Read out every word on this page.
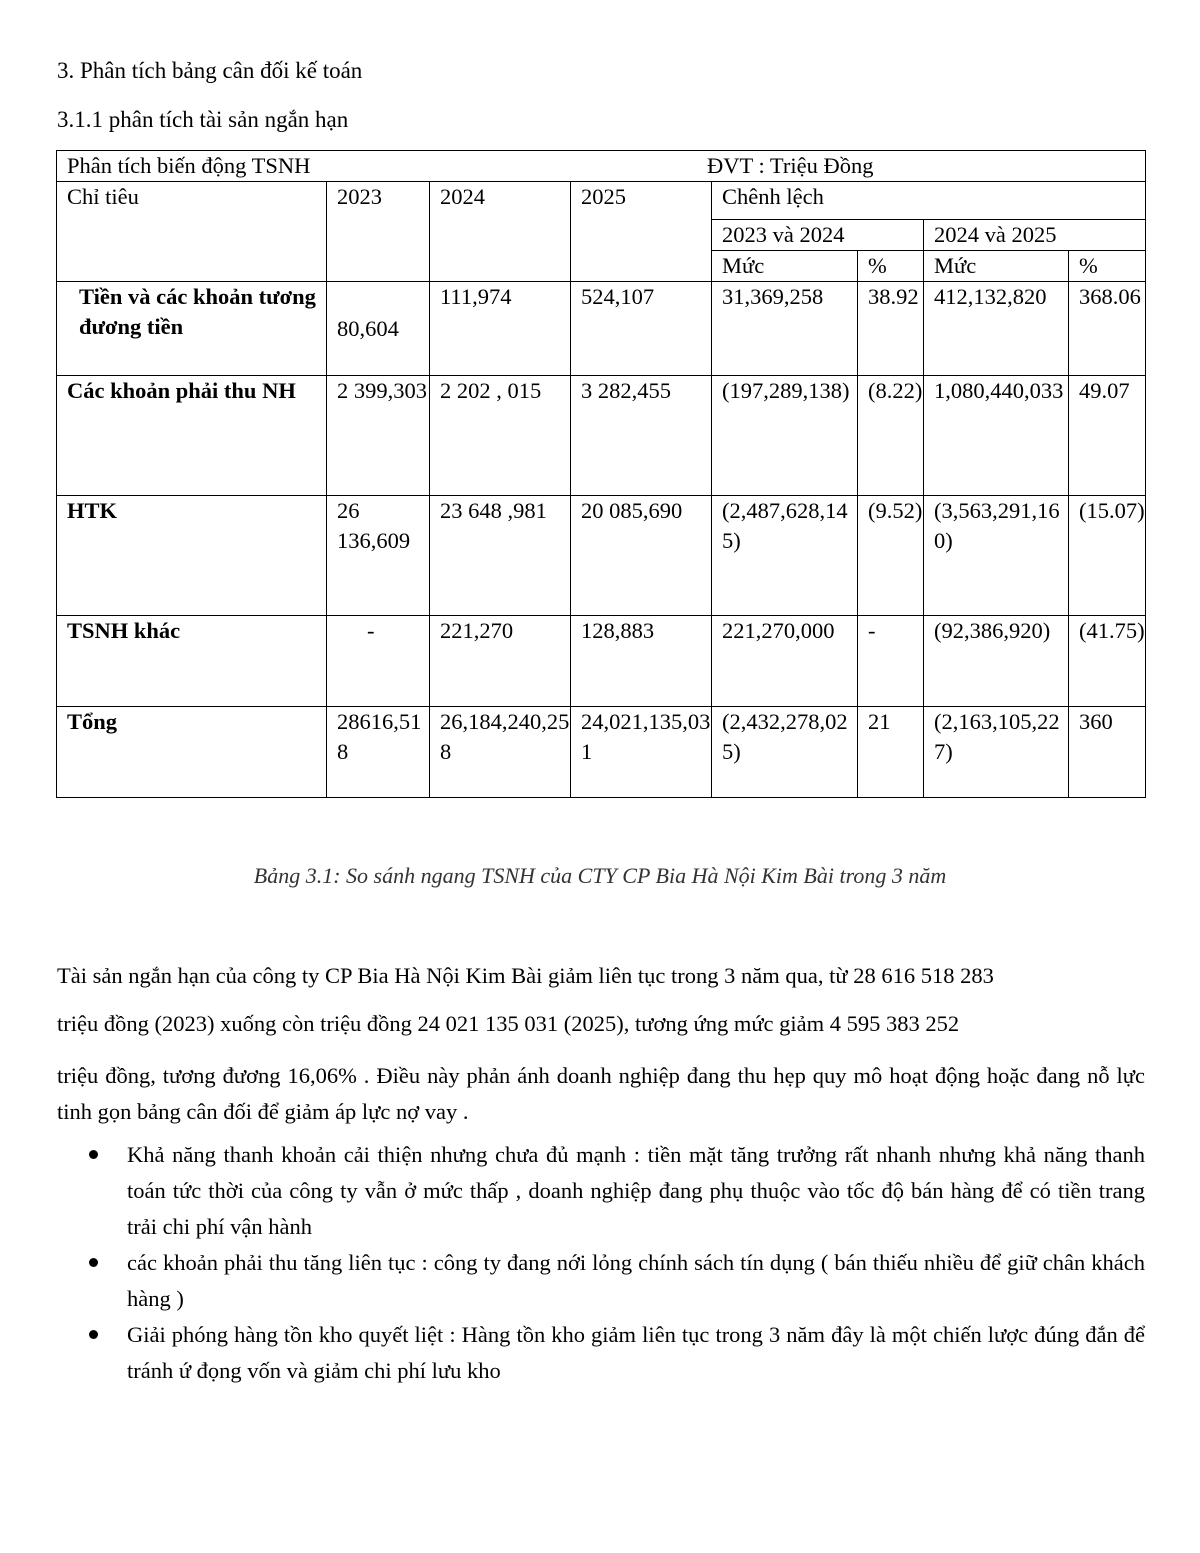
3. Phân tích bảng cân đối kế toán
3.1.1 phân tích tài sản ngắn hạn
Phân tích biến động TSNH ĐVT : Triệu Đồng							

Chỉ tiêu	2023	2024	2025	Chênh lệch			
				2023 và 2024		2024 và 2025	
				Mức	%	Mức	%
Tiền và các khoản tương đương tiền	80,604	111,974	524,107	31,369,258	38.92	412,132,820	368.06
Các khoản phải thu NH	2 399,303	2 202 , 015	3 282,455	(197,289,138)	(8.22)	1,080,440,033	49.07
HTK	26 136,609	23 648 ,981	20 085,690	(2,487,628,145)	(9.52)	(3,563,291,160)	(15.07)
TSNH khác	-	221,270	128,883	221,270,000	-	(92,386,920)	(41.75)
Tổng	28616,518	26,184,240,258	24,021,135,031	(2,432,278,025)	21	(2,163,105,227)	360
Bảng 3.1: So sánh ngang TSNH của CTY CP Bia Hà Nội Kim Bài trong 3 năm

Tài sản ngắn hạn của công ty CP Bia Hà Nội Kim Bài giảm liên tục trong 3 năm qua, từ 28 616 518 283

triệu đồng (2023) xuống còn triệu đồng 24 021 135 031 (2025), tương ứng mức giảm 4 595 383 252

triệu đồng, tương đương 16,06% . Điều này phản ánh doanh nghiệp đang thu hẹp quy mô hoạt động hoặc đang nỗ lực tinh gọn bảng cân đối để giảm áp lực nợ vay .

Khả năng thanh khoản cải thiện nhưng chưa đủ mạnh : tiền mặt tăng trưởng rất nhanh nhưng khả năng thanh toán tức thời của công ty vẫn ở mức thấp , doanh nghiệp đang phụ thuộc vào tốc độ bán hàng để có tiền trang trải chi phí vận hành
các khoản phải thu tăng liên tục : công ty đang nới lỏng chính sách tín dụng ( bán thiếu nhiều để giữ chân khách hàng )
Giải phóng hàng tồn kho quyết liệt : Hàng tồn kho giảm liên tục trong 3 năm đây là một chiến lược đúng đắn để tránh ứ đọng vốn và giảm chi phí lưu kho
